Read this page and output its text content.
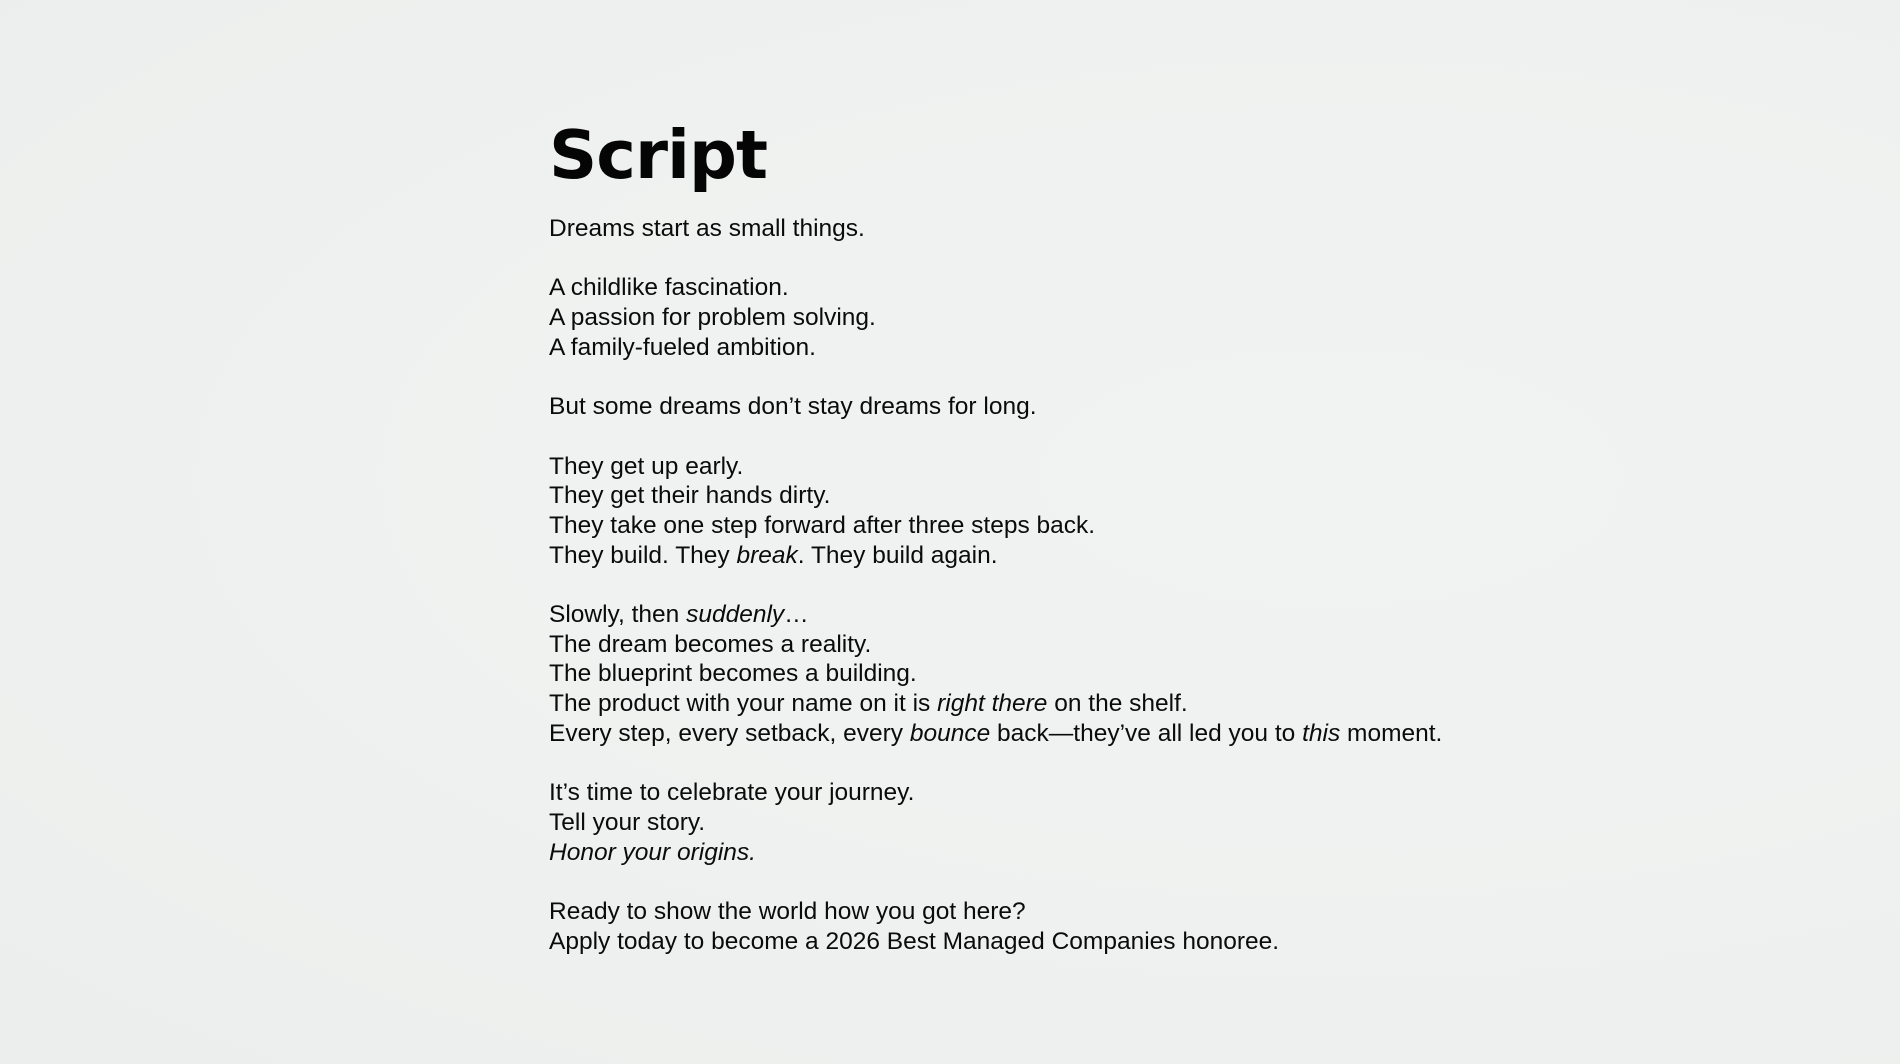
Script

Dreams start as small things.

A childlike fascination.
A passion for problem solving.
A family-fueled ambition.

But some dreams don’t stay dreams for long.

They get up early.
They get their hands dirty.
They take one step forward after three steps back.
They build. They break. They build again.

Slowly, then suddenly…
The dream becomes a reality.
The blueprint becomes a building.
The product with your name on it is right there on the shelf.
Every step, every setback, every bounce back—they’ve all led you to this moment.

It’s time to celebrate your journey.
Tell your story.
Honor your origins.

Ready to show the world how you got here?
Apply today to become a 2026 Best Managed Companies honoree.
